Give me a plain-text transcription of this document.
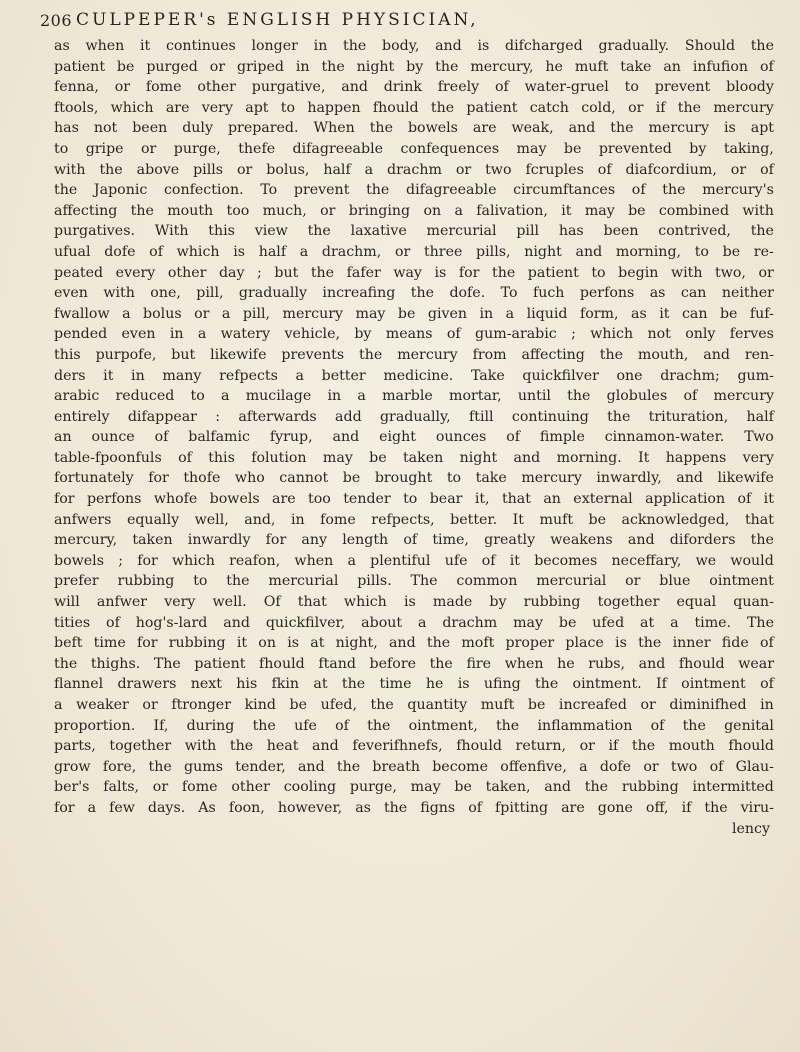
206 CULPEPER's ENGLISH PHYSICIAN,
as when it continues longer in the body, and is difcharged gradually. Should the
patient be purged or griped in the night by the mercury, he muft take an infufion of
fenna, or fome other purgative, and drink freely of water-gruel to prevent bloody
ftools, which are very apt to happen fhould the patient catch cold, or if the mercury
has not been duly prepared. When the bowels are weak, and the mercury is apt
to gripe or purge, thefe difagreeable confequences may be prevented by taking,
with the above pills or bolus, half a drachm or two fcruples of diafcordium, or of
the Japonic confection. To prevent the difagreeable circumftances of the mercury's
affecting the mouth too much, or bringing on a falivation, it may be combined with
purgatives. With this view the laxative mercurial pill has been contrived, the
ufual dofe of which is half a drachm, or three pills, night and morning, to be re-
peated every other day ; but the fafer way is for the patient to begin with two, or
even with one, pill, gradually increafing the dofe. To fuch perfons as can neither
fwallow a bolus or a pill, mercury may be given in a liquid form, as it can be fuf-
pended even in a watery vehicle, by means of gum-arabic ; which not only ferves
this purpofe, but likewife prevents the mercury from affecting the mouth, and ren-
ders it in many refpects a better medicine. Take quickfilver one drachm; gum-
arabic reduced to a mucilage in a marble mortar, until the globules of mercury
entirely difappear : afterwards add gradually, ftill continuing the trituration, half
an ounce of balfamic fyrup, and eight ounces of fimple cinnamon-water. Two
table-fpoonfuls of this folution may be taken night and morning. It happens very
fortunately for thofe who cannot be brought to take mercury inwardly, and likewife
for perfons whofe bowels are too tender to bear it, that an external application of it
anfwers equally well, and, in fome refpects, better. It muft be acknowledged, that
mercury, taken inwardly for any length of time, greatly weakens and diforders the
bowels ; for which reafon, when a plentiful ufe of it becomes neceffary, we would
prefer rubbing to the mercurial pills. The common mercurial or blue ointment
will anfwer very well. Of that which is made by rubbing together equal quan-
tities of hog's-lard and quickfilver, about a drachm may be ufed at a time. The
beft time for rubbing it on is at night, and the moft proper place is the inner fide of
the thighs. The patient fhould ftand before the fire when he rubs, and fhould wear
flannel drawers next his fkin at the time he is ufing the ointment. If ointment of
a weaker or ftronger kind be ufed, the quantity muft be increafed or diminifhed in
proportion. If, during the ufe of the ointment, the inflammation of the genital
parts, together with the heat and feverifhnefs, fhould return, or if the mouth fhould
grow fore, the gums tender, and the breath become offenfive, a dofe or two of Glau-
ber's falts, or fome other cooling purge, may be taken, and the rubbing intermitted
for a few days. As foon, however, as the figns of fpitting are gone off, if the viru-
lency
